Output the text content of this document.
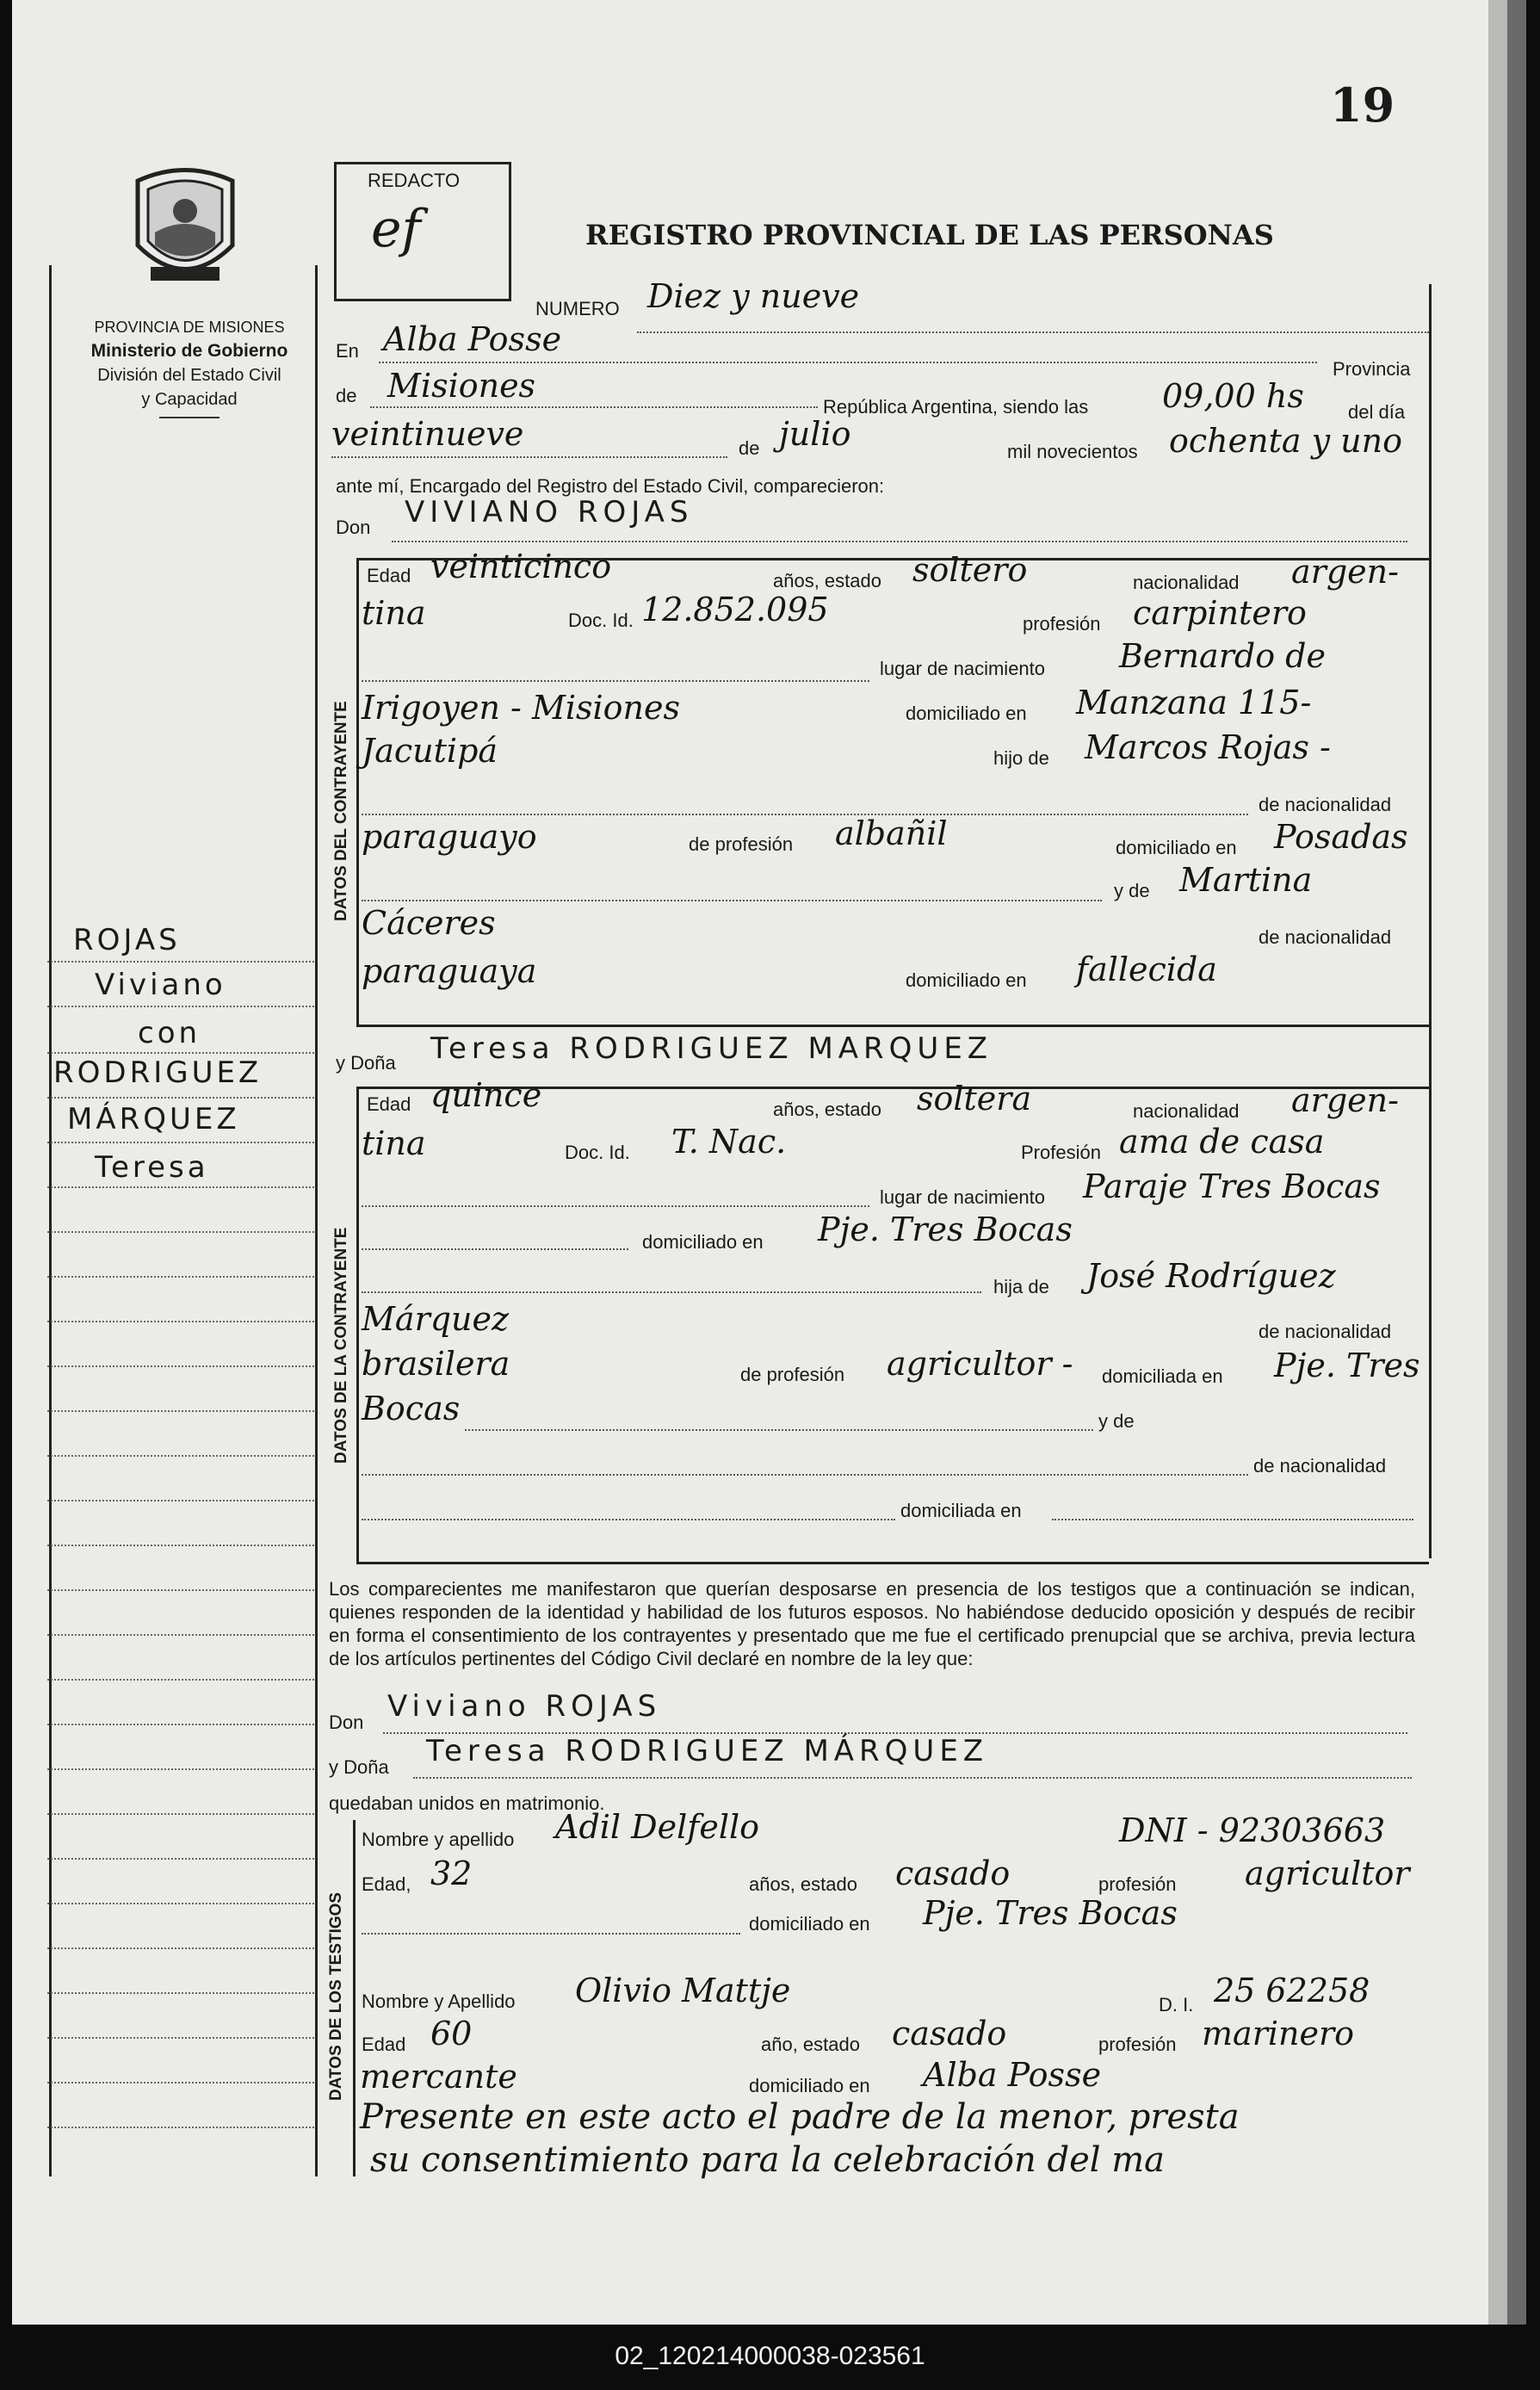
19
PROVINCIA DE MISIONES
Ministerio de Gobierno
División del Estado Civil
y Capacidad
REDACTO
ef	REGISTRO PROVINCIAL DE LAS PERSONAS
NUMERO Diez y nueve
En Alba Posse
Provincia
de Misiones
República Argentina, siendo las 09,00 hs del día
veintinueve	de julio	mil novecientos ochenta y uno
ante mí, Encargado del Registro del Estado Civil, comparecieron:
Don VIVIANO ROJAS
DATOS DEL CONTRAYENTE
Edad veinticinco	años, estado soltero	nacionalidad argen-
tina	Doc. Id. 12.852.095	profesión carpintero
lugar de nacimiento Bernardo de
Irigoyen - Misiones	domiciliado en Manzana 115-
Jacutipá	hijo de Marcos Rojas -
de nacionalidad
paraguayo	de profesión albañil	domiciliado en Posadas
y de Martina
Cáceres	de nacionalidad
paraguaya	domiciliado en fallecida
y Doña Teresa RODRIGUEZ MARQUEZ
DATOS DE LA CONTRAYENTE
Edad quince	años, estado soltera	nacionalidad argen-
tina	Doc. Id. T. Nac.	Profesión ama de casa
lugar de nacimiento Paraje Tres Bocas
domiciliado en Pje. Tres Bocas
hija de José Rodríguez
Márquez	de nacionalidad
brasilera	de profesión agricultor - domiciliada en Pje. Tres
Bocas	y de
de nacionalidad
domiciliada en
Los comparecientes me manifestaron que querían desposarse en presencia de los testigos que a continuación se indican, quienes responden de la identidad y habilidad de los futuros esposos. No habiéndose deducido oposición y después de recibir en forma el consentimiento de los contrayentes y presentado que me fue el certificado prenupcial que se archiva, previa lectura de los artículos pertinentes del Código Civil declaré en nombre de la ley que:
Don Viviano ROJAS
y Doña Teresa RODRIGUEZ MÁRQUEZ
quedaban unidos en matrimonio.
DATOS DE LOS TESTIGOS
Nombre y apellido Adil Delfello	DNI - 92303663
Edad, 32	años, estado casado	profesión agricultor
domiciliado en Pje. Tres Bocas
Nombre y Apellido Olivio Mattje	D. I. 25 62258
Edad 60	año, estado casado	profesión marinero
mercante	domiciliado en Alba Posse
Presente en este acto el padre de la menor, presta
su consentimiento para la celebración del ma
ROJAS
Viviano
con
RODRIGUEZ
MÁRQUEZ
Teresa
02_120214000038-023561
